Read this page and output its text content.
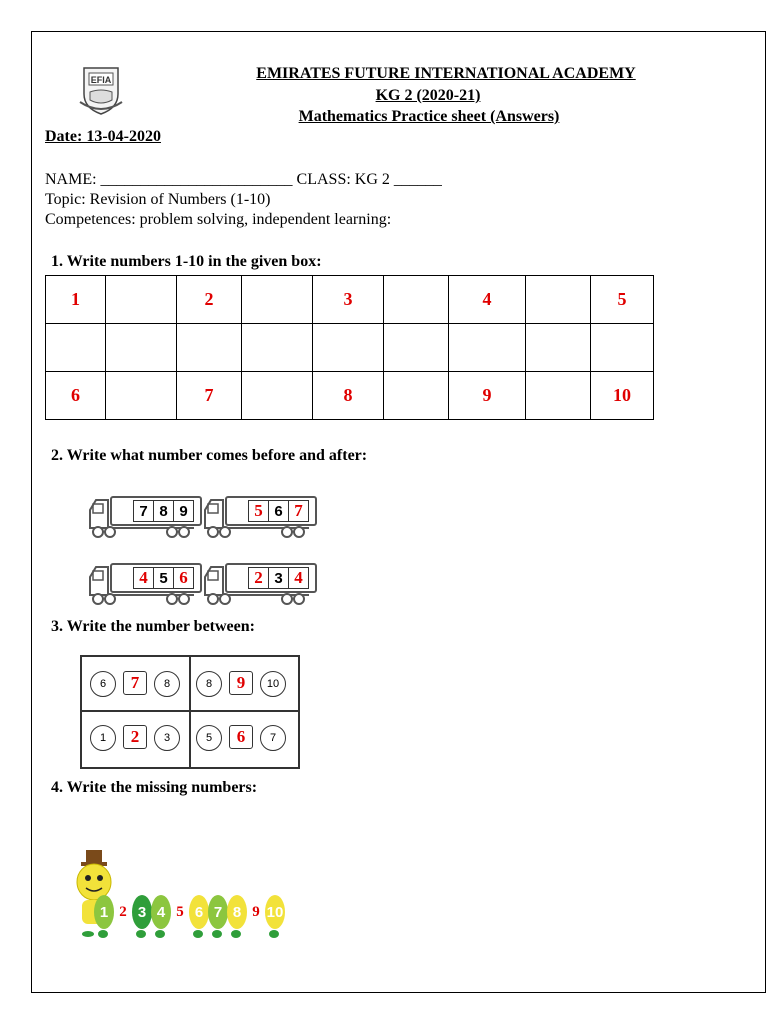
EFIA	EMIRATES FUTURE INTERNATIONAL ACADEMY
KG 2 (2020-21)
Mathematics Practice sheet (Answers)
Date: 13-04-2020
NAME: ________________________ CLASS: KG 2 ______
Topic: Revision of Numbers (1-10)
Competences: problem solving, independent learning:
1. Write numbers 1-10 in the given box:
1		2		3		4		5

6		7		8		9		10
2. Write what number comes before and after:
7 8 9	5 6 7
4 5 6	2 3 4
3. Write the number between:
6	7	8	8	9	10
1	2	3	5	6	7
4. Write the missing numbers:
1 2 3 4 5 6 7 8 9 10
